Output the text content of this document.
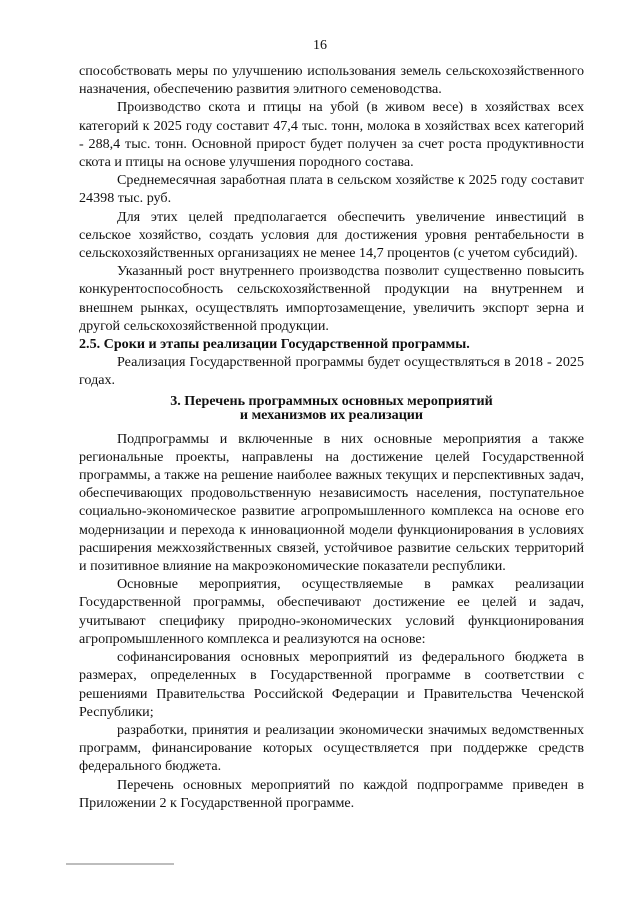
16

способствовать меры по улучшению использования земель сельскохозяйственного назначения, обеспечению развития элитного семеноводства.

Производство скота и птицы на убой (в живом весе) в хозяйствах всех категорий к 2025 году составит 47,4 тыс. тонн, молока в хозяйствах всех категорий - 288,4 тыс. тонн. Основной прирост будет получен за счет роста продуктивности скота и птицы на основе улучшения породного состава.

Среднемесячная заработная плата в сельском хозяйстве к 2025 году составит 24398 тыс. руб.

Для этих целей предполагается обеспечить увеличение инвестиций в сельское хозяйство, создать условия для достижения уровня рентабельности в сельскохозяйственных организациях не менее 14,7 процентов (с учетом субсидий).

Указанный рост внутреннего производства позволит существенно повысить конкурентоспособность сельскохозяйственной продукции на внутреннем и внешнем рынках, осуществлять импортозамещение, увеличить экспорт зерна и другой сельскохозяйственной продукции.

2.5. Сроки и этапы реализации Государственной программы.

Реализация Государственной программы будет осуществляться в 2018 - 2025 годах.

3. Перечень программных основных мероприятий
и механизмов их реализации

Подпрограммы и включенные в них основные мероприятия а также региональные проекты, направлены на достижение целей Государственной программы, а также на решение наиболее важных текущих и перспективных задач, обеспечивающих продовольственную независимость населения, поступательное социально-экономическое развитие агропромышленного комплекса на основе его модернизации и перехода к инновационной модели функционирования в условиях расширения межхозяйственных связей, устойчивое развитие сельских территорий и позитивное влияние на макроэкономические показатели республики.

Основные мероприятия, осуществляемые в рамках реализации Государственной программы, обеспечивают достижение ее целей и задач, учитывают специфику природно-экономических условий функционирования агропромышленного комплекса и реализуются на основе:

софинансирования основных мероприятий из федерального бюджета в размерах, определенных в Государственной программе в соответствии с решениями Правительства Российской Федерации и Правительства Чеченской Республики;

разработки, принятия и реализации экономически значимых ведомственных программ, финансирование которых осуществляется при поддержке средств федерального бюджета.

Перечень основных мероприятий по каждой подпрограмме приведен в Приложении 2 к Государственной программе.
